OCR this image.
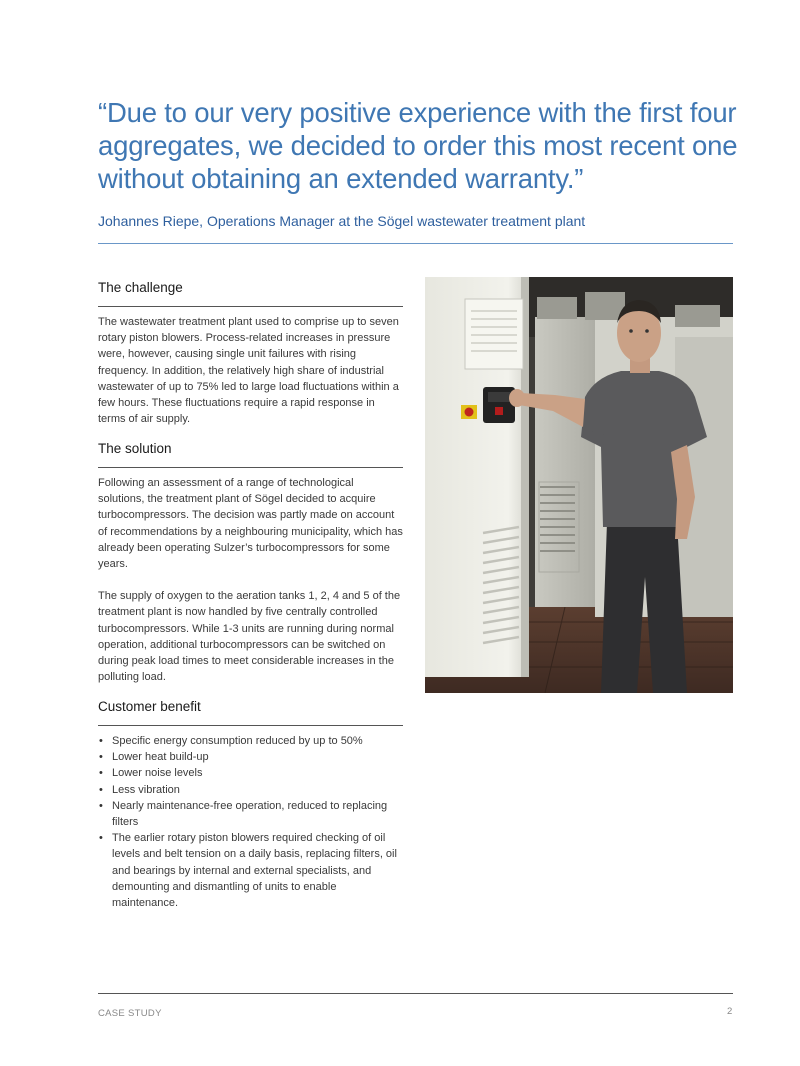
“Due to our very positive experience with the first four
aggregates, we decided to order this most recent one
without obtaining an extended warranty.”

Johannes Riepe, Operations Manager at the Sögel wastewater treatment plant

The challenge

The wastewater treatment plant used to comprise up to seven rotary piston blowers. Process-related increases in pressure were, however, causing single unit failures with rising frequency. In addition, the relatively high share of industrial wastewater of up to 75% led to large load fluctuations within a few hours. These fluctuations require a rapid response in terms of air supply.

The solution

Following an assessment of a range of technological solutions, the treatment plant of Sögel decided to acquire turbocompressors. The decision was partly made on account of recommendations by a neighbouring municipality, which has already been operating Sulzer’s turbocompressors for some years.

The supply of oxygen to the aeration tanks 1, 2, 4 and 5 of the treatment plant is now handled by five centrally controlled turbocompressors. While 1-3 units are running during normal operation, additional turbocompressors can be switched on during peak load times to meet considerable increases in the polluting load.

Customer benefit
• Specific energy consumption reduced by up to 50%
• Lower heat build-up
• Lower noise levels
• Less vibration
• Nearly maintenance-free operation, reduced to replacing filters
• The earlier rotary piston blowers required checking of oil levels and belt tension on a daily basis, replacing filters, oil and bearings by internal and external specialists, and demounting and dismantling of units to enable maintenance.
CASE STUDY	2
